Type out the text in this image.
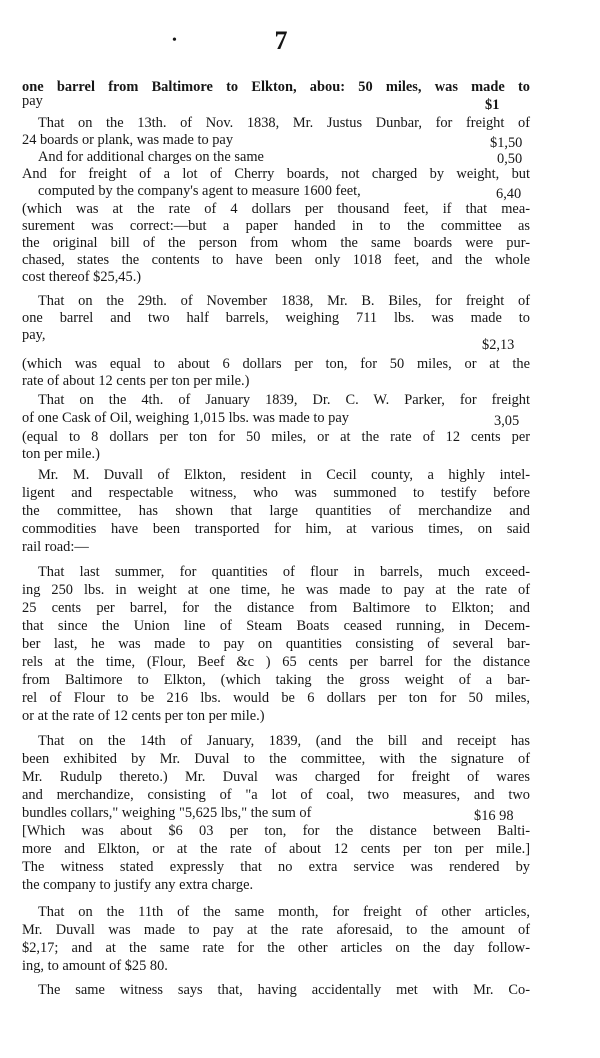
•	7
one barrel from Baltimore to Elkton, abou: 50 miles, was made to
pay	$1
That on the 13th. of Nov. 1838, Mr. Justus Dunbar, for freight of
24 boards or plank, was made to pay	$1,50
And for additional charges on the same	0,50
And for freight of a lot of Cherry boards, not charged by weight, but
computed by the company's agent to measure 1600 feet,	6,40
(which was at the rate of 4 dollars per thousand feet, if that mea-
surement was correct:—but a paper handed in to the committee as
the original bill of the person from whom the same boards were pur-
chased, states the contents to have been only 1018 feet, and the whole
cost thereof $25,45.)
That on the 29th. of November 1838, Mr. B. Biles, for freight of
one barrel and two half barrels, weighing 711 lbs. was made to
pay,
$2,13
(which was equal to about 6 dollars per ton, for 50 miles, or at the
rate of about 12 cents per ton per mile.)
That on the 4th. of January 1839, Dr. C. W. Parker, for freight
of one Cask of Oil, weighing 1,015 lbs. was made to pay	3,05
(equal to 8 dollars per ton for 50 miles, or at the rate of 12 cents per
ton per mile.)
Mr. M. Duvall of Elkton, resident in Cecil county, a highly intel-
ligent and respectable witness, who was summoned to testify before
the committee, has shown that large quantities of merchandize and
commodities have been transported for him, at various times, on said
rail road:—
That last summer, for quantities of flour in barrels, much exceed-
ing 250 lbs. in weight at one time, he was made to pay at the rate of
25 cents per barrel, for the distance from Baltimore to Elkton; and
that since the Union line of Steam Boats ceased running, in Decem-
ber last, he was made to pay on quantities consisting of several bar-
rels at the time, (Flour, Beef &c ) 65 cents per barrel for the distance
from Baltimore to Elkton, (which taking the gross weight of a bar-
rel of Flour to be 216 lbs. would be 6 dollars per ton for 50 miles,
or at the rate of 12 cents per ton per mile.)
That on the 14th of January, 1839, (and the bill and receipt has
been exhibited by Mr. Duval to the committee, with the signature of
Mr. Rudulp thereto.) Mr. Duval was charged for freight of wares
and merchandize, consisting of "a lot of coal, two measures, and two
bundles collars," weighing "5,625 lbs," the sum of	$16 98
[Which was about $6 03 per ton, for the distance between Balti-
more and Elkton, or at the rate of about 12 cents per ton per mile.]
The witness stated expressly that no extra service was rendered by
the company to justify any extra charge.
That on the 11th of the same month, for freight of other articles,
Mr. Duvall was made to pay at the rate aforesaid, to the amount of
$2,17; and at the same rate for the other articles on the day follow-
ing, to amount of $25 80.
The same witness says that, having accidentally met with Mr. Co-
